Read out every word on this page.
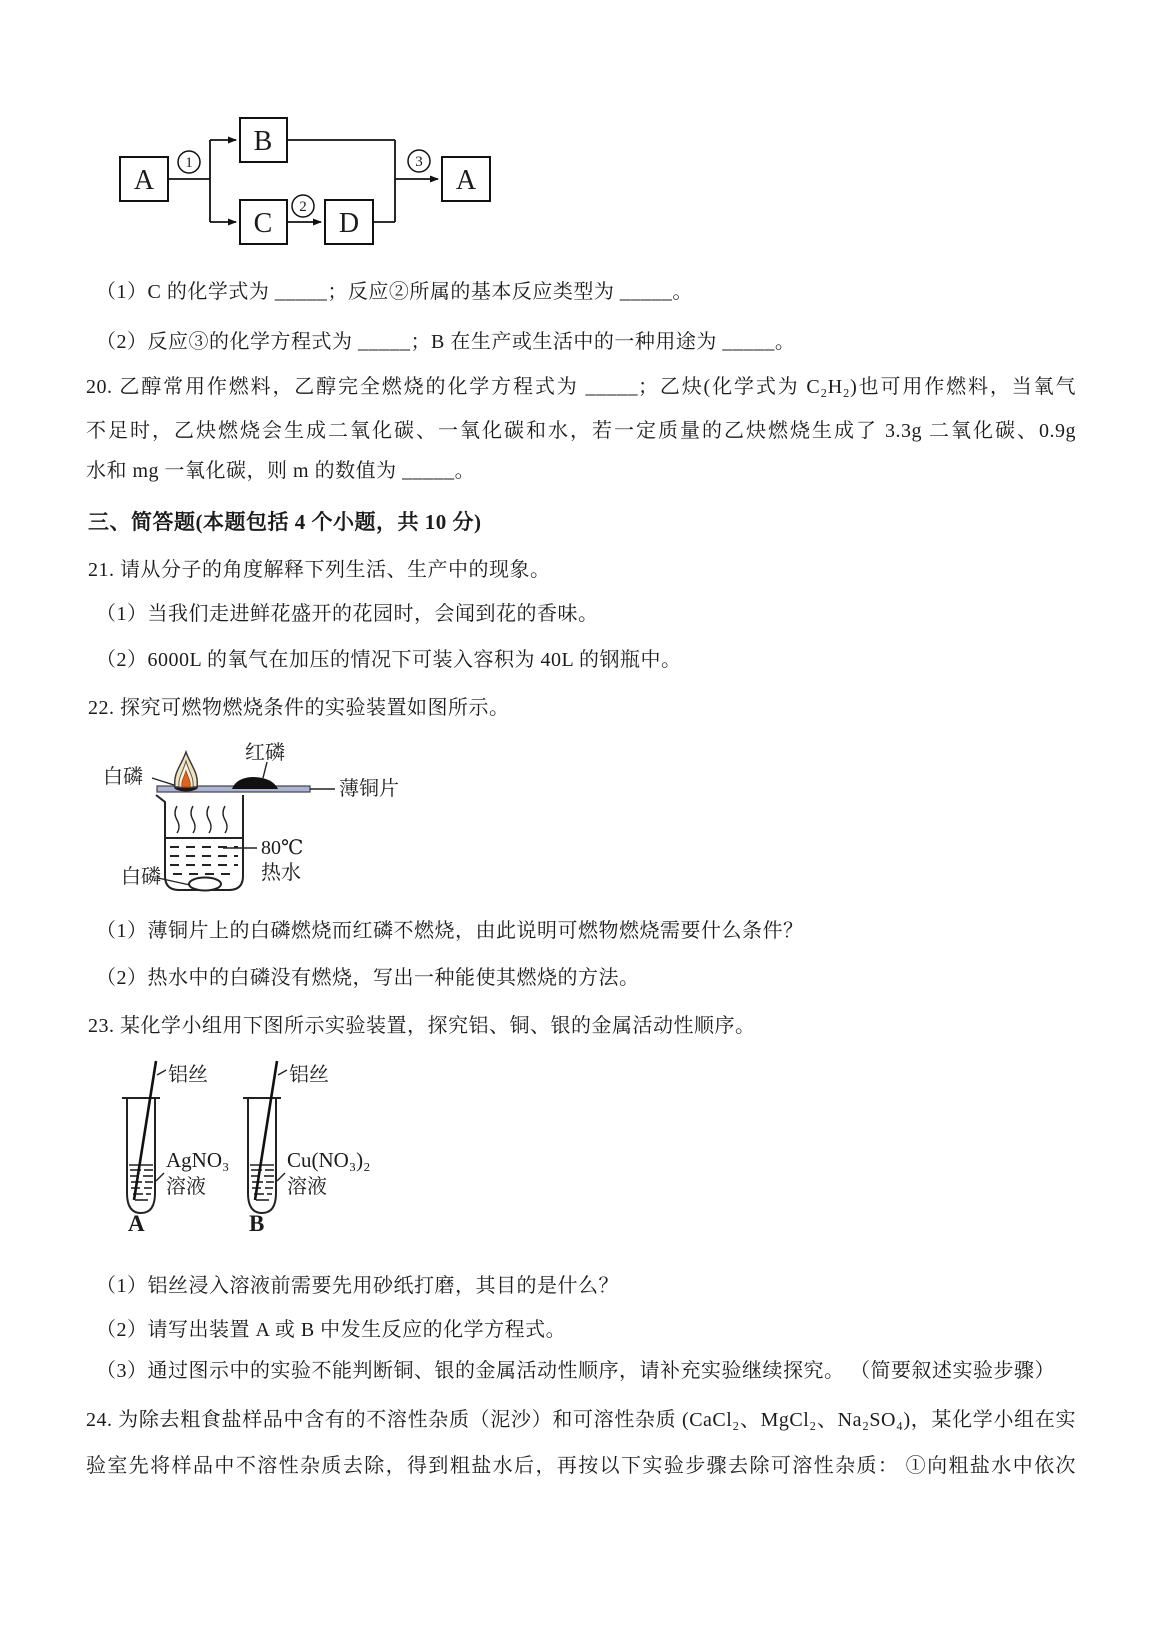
A
B
C D
A
1
2
3
（1）C 的化学式为 _____；反应②所属的基本反应类型为 _____。
（2）反应③的化学方程式为 _____；B 在生产或生活中的一种用途为 _____。
20. 乙醇常用作燃料，乙醇完全燃烧的化学方程式为 _____；乙炔(化学式为 C₂H₂)也可用作燃料，当氧气
不足时，乙炔燃烧会生成二氧化碳、一氧化碳和水，若一定质量的乙炔燃烧生成了 3.3g 二氧化碳、0.9g
水和 mg 一氧化碳，则 m 的数值为 _____。
三、简答题(本题包括 4 个小题，共 10 分)
21. 请从分子的角度解释下列生活、生产中的现象。
（1）当我们走进鲜花盛开的花园时，会闻到花的香味。
（2）6000L 的氧气在加压的情况下可装入容积为 40L 的钢瓶中。
22. 探究可燃物燃烧条件的实验装置如图所示。
红磷
白磷
薄铜片
80℃
热水
白磷
（1）薄铜片上的白磷燃烧而红磷不燃烧，由此说明可燃物燃烧需要什么条件？
（2）热水中的白磷没有燃烧，写出一种能使其燃烧的方法。
23. 某化学小组用下图所示实验装置，探究铝、铜、银的金属活动性顺序。
铝丝
AgNO₃
溶液
A
铝丝
Cu(NO₃)₂
溶液
B
（1）铝丝浸入溶液前需要先用砂纸打磨，其目的是什么？
（2）请写出装置 A 或 B 中发生反应的化学方程式。
（3）通过图示中的实验不能判断铜、银的金属活动性顺序，请补充实验继续探究。 （简要叙述实验步骤）
24. 为除去粗食盐样品中含有的不溶性杂质（泥沙）和可溶性杂质 (CaCl₂、MgCl₂、Na₂SO₄)，某化学小组在实
验室先将样品中不溶性杂质去除，得到粗盐水后，再按以下实验步骤去除可溶性杂质： ①向粗盐水中依次
